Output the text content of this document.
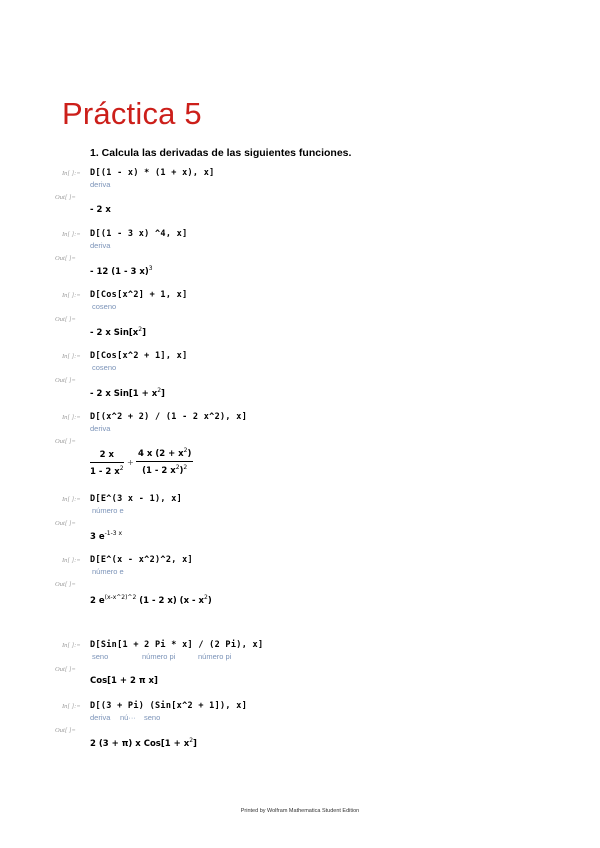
Práctica 5
1. Calcula las derivadas de las siguientes funciones.
In[ ]:= D[(1 - x) * (1 + x), x]
deriva
Out[ ]=
- 2 x
In[ ]:= D[(1 - 3 x) ^4, x]
deriva
Out[ ]=
- 12 (1 - 3 x)$^3$
In[ ]:= D[Cos[x^2] + 1, x]
coseno
Out[ ]=
- 2 x $Sin[x^2]$
In[ ]:= D[Cos[x^2 + 1], x]
coseno
Out[ ]=
- 2 x $Sin[1 + x^2]$
In[ ]:= D[(x^2 + 2) / (1 - 2 x^2), x]
deriva
Out[ ]=
$\frac{2 x}{1 - 2 x^2} + \frac{4 x (2 + x^2)}{(1 - 2 x^2)^2}$
In[ ]:= D[E^(3 x - 1), x]
número e
Out[ ]=
3 $e^{-1-3 x}$
In[ ]:= D[E^(x - x^2)^2, x]
número e
Out[ ]=
2 $e^{(x-x\^{}2)\^{}2}$ (1 - 2 x) $(x - x^2)$
In[ ]:= D[Sin[1 + 2 Pi * x] / (2 Pi), x]
seno	número pi	número pi
Out[ ]=
Cos[1 + 2 π x]
In[ ]:= D[(3 + Pi) (Sin[x^2 + 1]), x]
deriva nú··· seno
Out[ ]=
2 (3 + π) x $Cos[1 + x^2]$
Printed by Wolfram Mathematica Student Edition
